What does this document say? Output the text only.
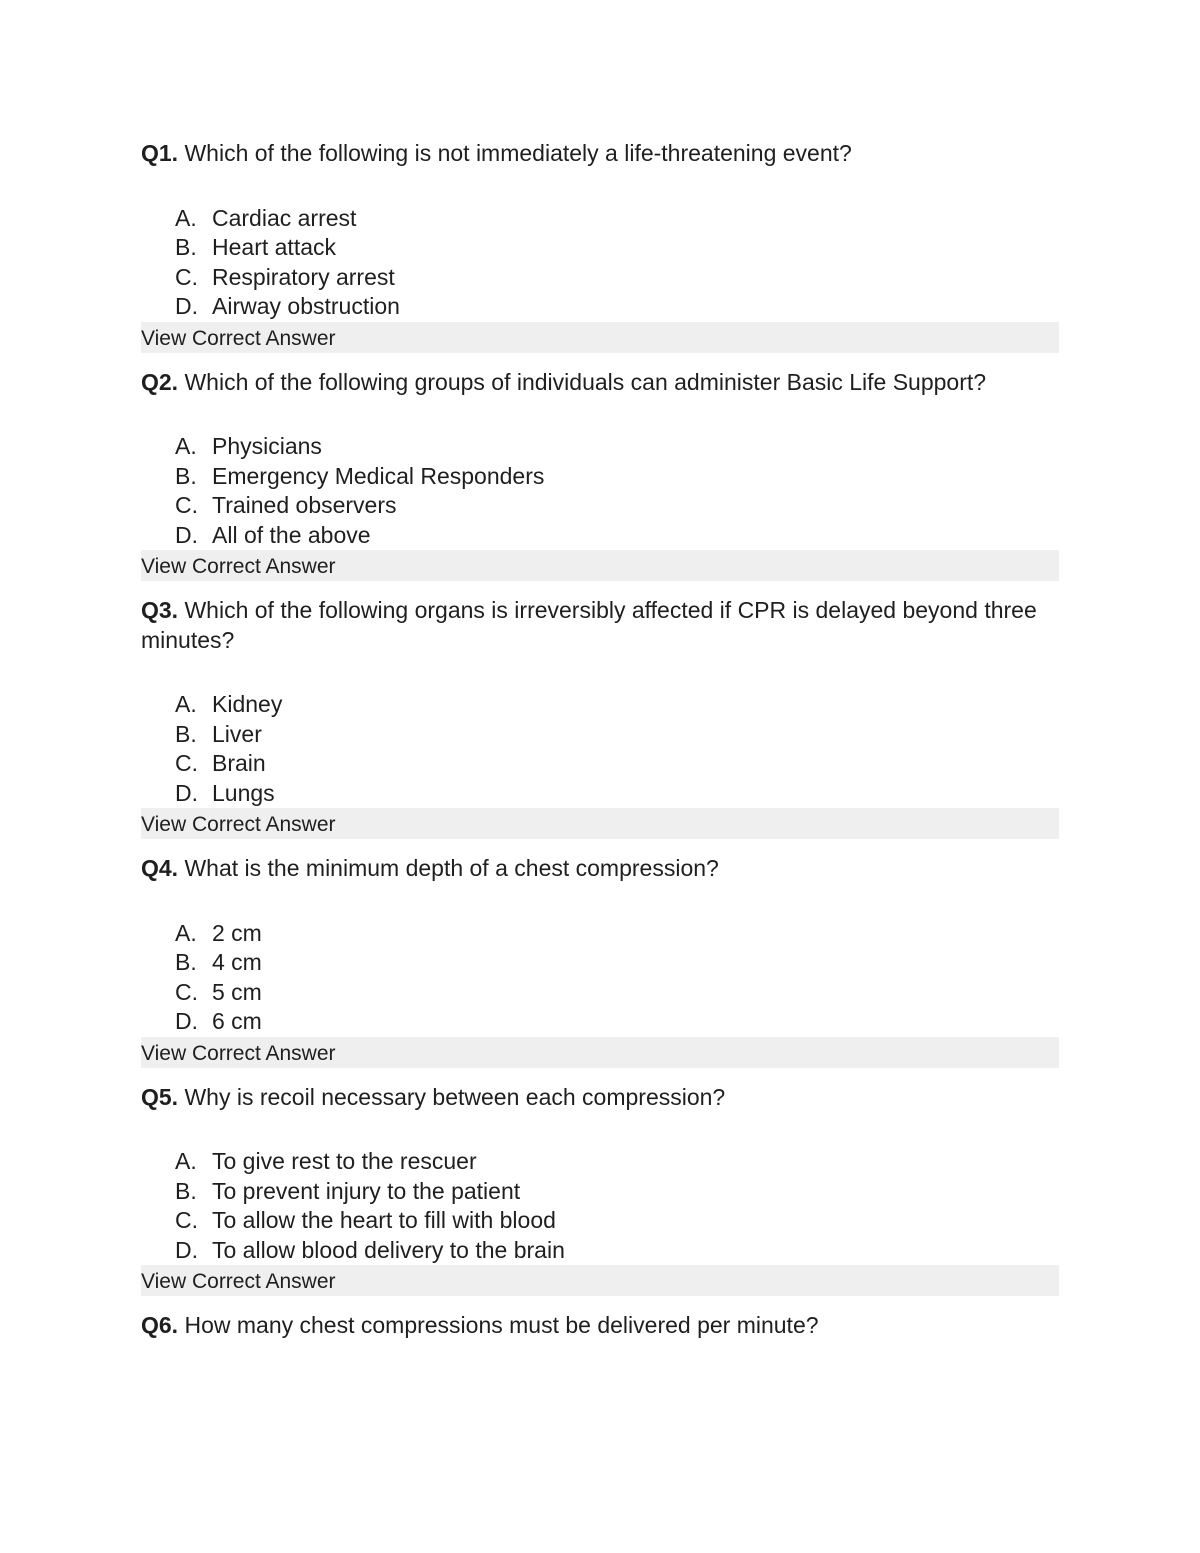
Q1. Which of the following is not immediately a life-threatening event?

A. Cardiac arrest
B. Heart attack
C. Respiratory arrest
D. Airway obstruction
View Correct Answer

Q2. Which of the following groups of individuals can administer Basic Life Support?

A. Physicians
B. Emergency Medical Responders
C. Trained observers
D. All of the above
View Correct Answer

Q3. Which of the following organs is irreversibly affected if CPR is delayed beyond three minutes?

A. Kidney
B. Liver
C. Brain
D. Lungs
View Correct Answer

Q4. What is the minimum depth of a chest compression?

A. 2 cm
B. 4 cm
C. 5 cm
D. 6 cm
View Correct Answer

Q5. Why is recoil necessary between each compression?

A. To give rest to the rescuer
B. To prevent injury to the patient
C. To allow the heart to fill with blood
D. To allow blood delivery to the brain
View Correct Answer

Q6. How many chest compressions must be delivered per minute?
